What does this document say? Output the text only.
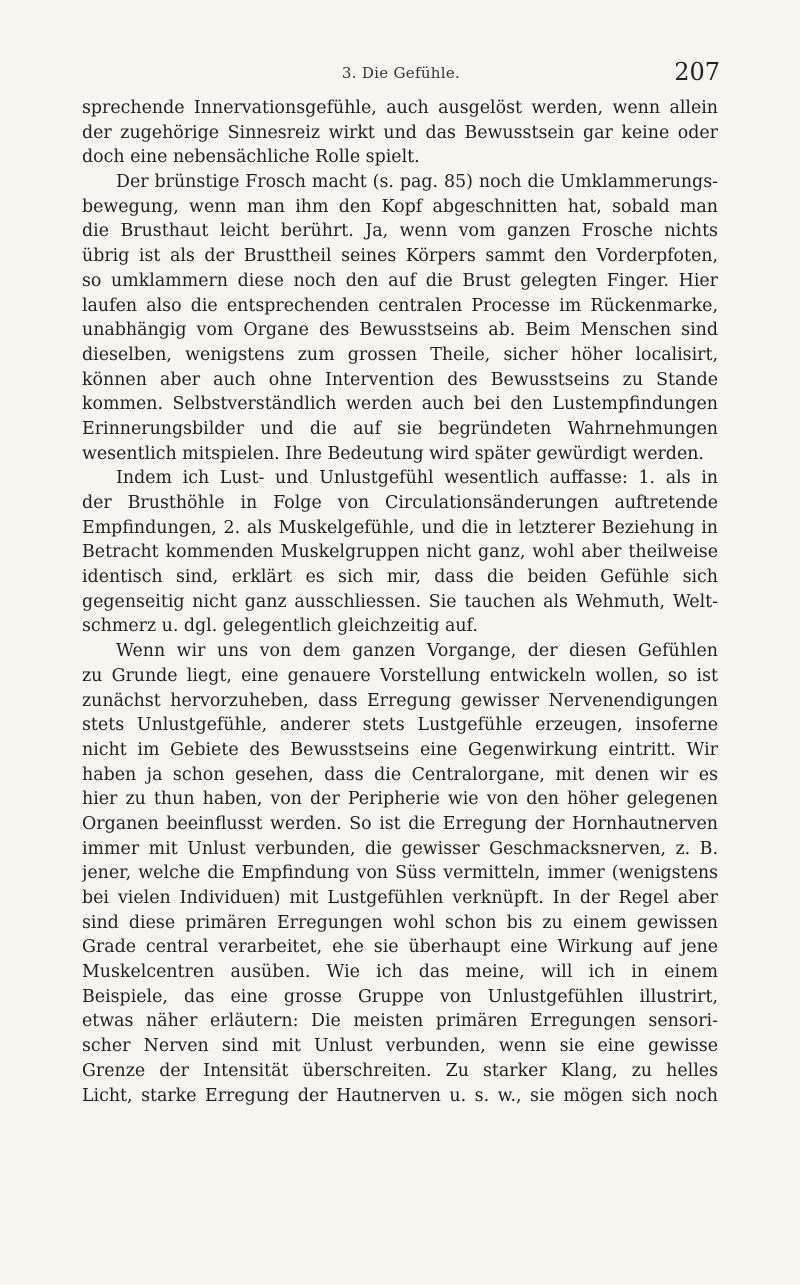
3. Die Gefühle.	207
sprechende Innervationsgefühle, auch ausgelöst werden, wenn allein
der zugehörige Sinnesreiz wirkt und das Bewusstsein gar keine oder
doch eine nebensächliche Rolle spielt.
Der brünstige Frosch macht (s. pag. 85) noch die Umklammerungs-
bewegung, wenn man ihm den Kopf abgeschnitten hat, sobald man
die Brusthaut leicht berührt. Ja, wenn vom ganzen Frosche nichts
übrig ist als der Brusttheil seines Körpers sammt den Vorderpfoten,
so umklammern diese noch den auf die Brust gelegten Finger. Hier
laufen also die entsprechenden centralen Processe im Rückenmarke,
unabhängig vom Organe des Bewusstseins ab. Beim Menschen sind
dieselben, wenigstens zum grossen Theile, sicher höher localisirt,
können aber auch ohne Intervention des Bewusstseins zu Stande
kommen. Selbstverständlich werden auch bei den Lustempfindungen
Erinnerungsbilder und die auf sie begründeten Wahrnehmungen
wesentlich mitspielen. Ihre Bedeutung wird später gewürdigt werden.
Indem ich Lust- und Unlustgefühl wesentlich auffasse: 1. als in
der Brusthöhle in Folge von Circulationsänderungen auftretende
Empfindungen, 2. als Muskelgefühle, und die in letzterer Beziehung in
Betracht kommenden Muskelgruppen nicht ganz, wohl aber theilweise
identisch sind, erklärt es sich mir, dass die beiden Gefühle sich
gegenseitig nicht ganz ausschliessen. Sie tauchen als Wehmuth, Welt-
schmerz u. dgl. gelegentlich gleichzeitig auf.
Wenn wir uns von dem ganzen Vorgange, der diesen Gefühlen
zu Grunde liegt, eine genauere Vorstellung entwickeln wollen, so ist
zunächst hervorzuheben, dass Erregung gewisser Nervenendigungen
stets Unlustgefühle, anderer stets Lustgefühle erzeugen, insoferne
nicht im Gebiete des Bewusstseins eine Gegenwirkung eintritt. Wir
haben ja schon gesehen, dass die Centralorgane, mit denen wir es
hier zu thun haben, von der Peripherie wie von den höher gelegenen
Organen beeinflusst werden. So ist die Erregung der Hornhautnerven
immer mit Unlust verbunden, die gewisser Geschmacksnerven, z. B.
jener, welche die Empfindung von Süss vermitteln, immer (wenigstens
bei vielen Individuen) mit Lustgefühlen verknüpft. In der Regel aber
sind diese primären Erregungen wohl schon bis zu einem gewissen
Grade central verarbeitet, ehe sie überhaupt eine Wirkung auf jene
Muskelcentren ausüben. Wie ich das meine, will ich in einem
Beispiele, das eine grosse Gruppe von Unlustgefühlen illustrirt,
etwas näher erläutern: Die meisten primären Erregungen sensori-
scher Nerven sind mit Unlust verbunden, wenn sie eine gewisse
Grenze der Intensität überschreiten. Zu starker Klang, zu helles
Licht, starke Erregung der Hautnerven u. s. w., sie mögen sich noch
